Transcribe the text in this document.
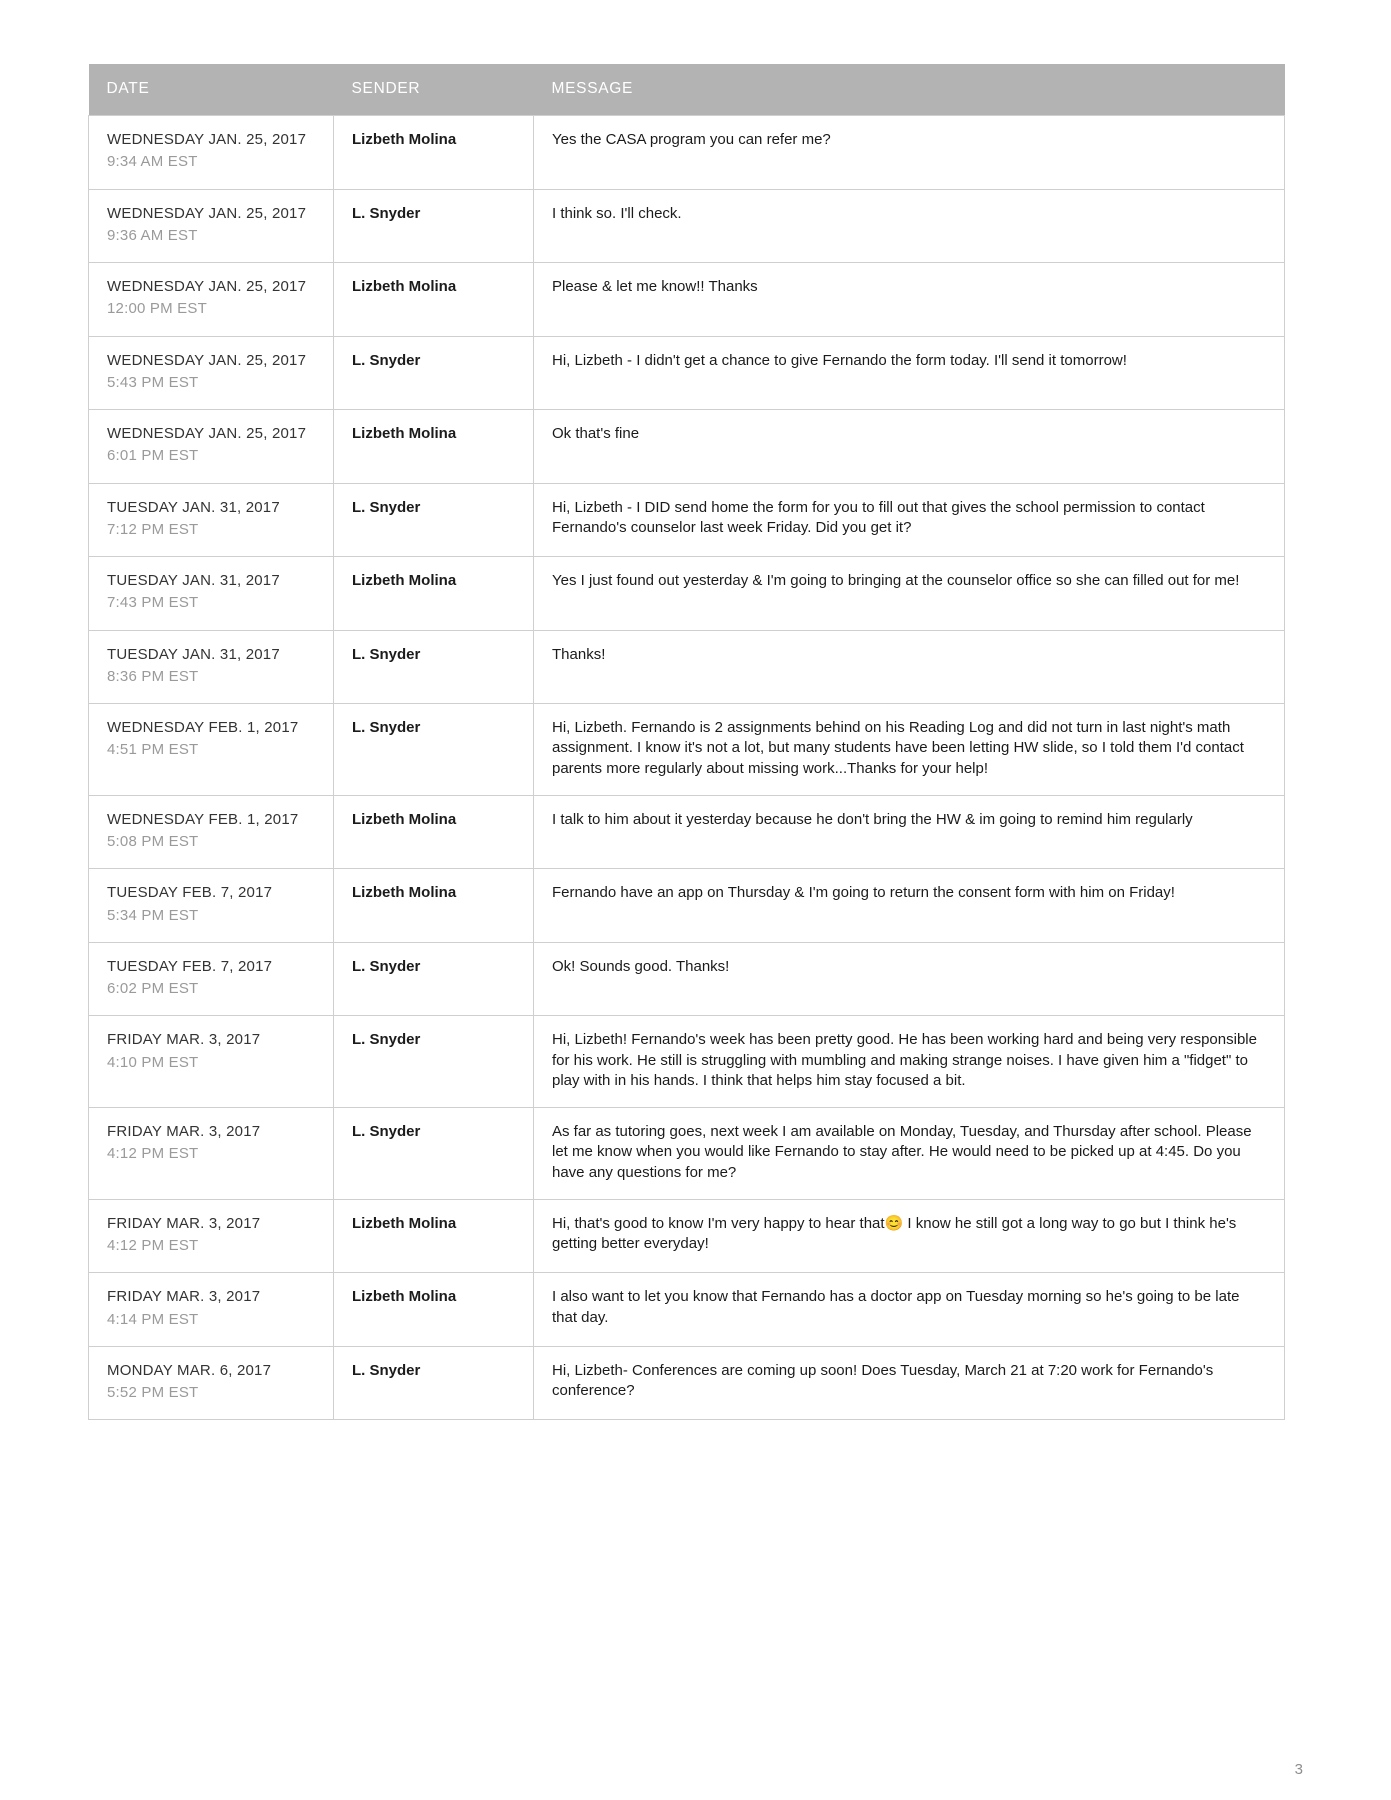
DATE	SENDER	MESSAGE

WEDNESDAY JAN. 25, 2017
9:34 AM EST	Lizbeth Molina	Yes the CASA program you can refer me?

WEDNESDAY JAN. 25, 2017
9:36 AM EST	L. Snyder	I think so. I'll check.

WEDNESDAY JAN. 25, 2017
12:00 PM EST	Lizbeth Molina	Please & let me know!! Thanks

WEDNESDAY JAN. 25, 2017
5:43 PM EST	L. Snyder	Hi, Lizbeth - I didn't get a chance to give Fernando the form today. I'll send it tomorrow!

WEDNESDAY JAN. 25, 2017
6:01 PM EST	Lizbeth Molina	Ok that's fine

TUESDAY JAN. 31, 2017
7:12 PM EST	L. Snyder	Hi, Lizbeth - I DID send home the form for you to fill out that gives the school permission to contact Fernando's counselor last week Friday. Did you get it?

TUESDAY JAN. 31, 2017
7:43 PM EST	Lizbeth Molina	Yes I just found out yesterday & I'm going to bringing at the counselor office so she can filled out for me!

TUESDAY JAN. 31, 2017
8:36 PM EST	L. Snyder	Thanks!

WEDNESDAY FEB. 1, 2017
4:51 PM EST	L. Snyder	Hi, Lizbeth. Fernando is 2 assignments behind on his Reading Log and did not turn in last night's math assignment. I know it's not a lot, but many students have been letting HW slide, so I told them I'd contact parents more regularly about missing work...Thanks for your help!

WEDNESDAY FEB. 1, 2017
5:08 PM EST	Lizbeth Molina	I talk to him about it yesterday because he don't bring the HW & im going to remind him regularly

TUESDAY FEB. 7, 2017
5:34 PM EST	Lizbeth Molina	Fernando have an app on Thursday & I'm going to return the consent form with him on Friday!

TUESDAY FEB. 7, 2017
6:02 PM EST	L. Snyder	Ok! Sounds good. Thanks!

FRIDAY MAR. 3, 2017
4:10 PM EST	L. Snyder	Hi, Lizbeth! Fernando's week has been pretty good. He has been working hard and being very responsible for his work. He still is struggling with mumbling and making strange noises. I have given him a "fidget" to play with in his hands. I think that helps him stay focused a bit.

FRIDAY MAR. 3, 2017
4:12 PM EST	L. Snyder	As far as tutoring goes, next week I am available on Monday, Tuesday, and Thursday after school. Please let me know when you would like Fernando to stay after. He would need to be picked up at 4:45. Do you have any questions for me?

FRIDAY MAR. 3, 2017
4:12 PM EST	Lizbeth Molina	Hi, that's good to know I'm very happy to hear that😊 I know he still got a long way to go but I think he's getting better everyday!

FRIDAY MAR. 3, 2017
4:14 PM EST	Lizbeth Molina	I also want to let you know that Fernando has a doctor app on Tuesday morning so he's going to be late that day.

MONDAY MAR. 6, 2017
5:52 PM EST	L. Snyder	Hi, Lizbeth- Conferences are coming up soon! Does Tuesday, March 21 at 7:20 work for Fernando's conference?
3
